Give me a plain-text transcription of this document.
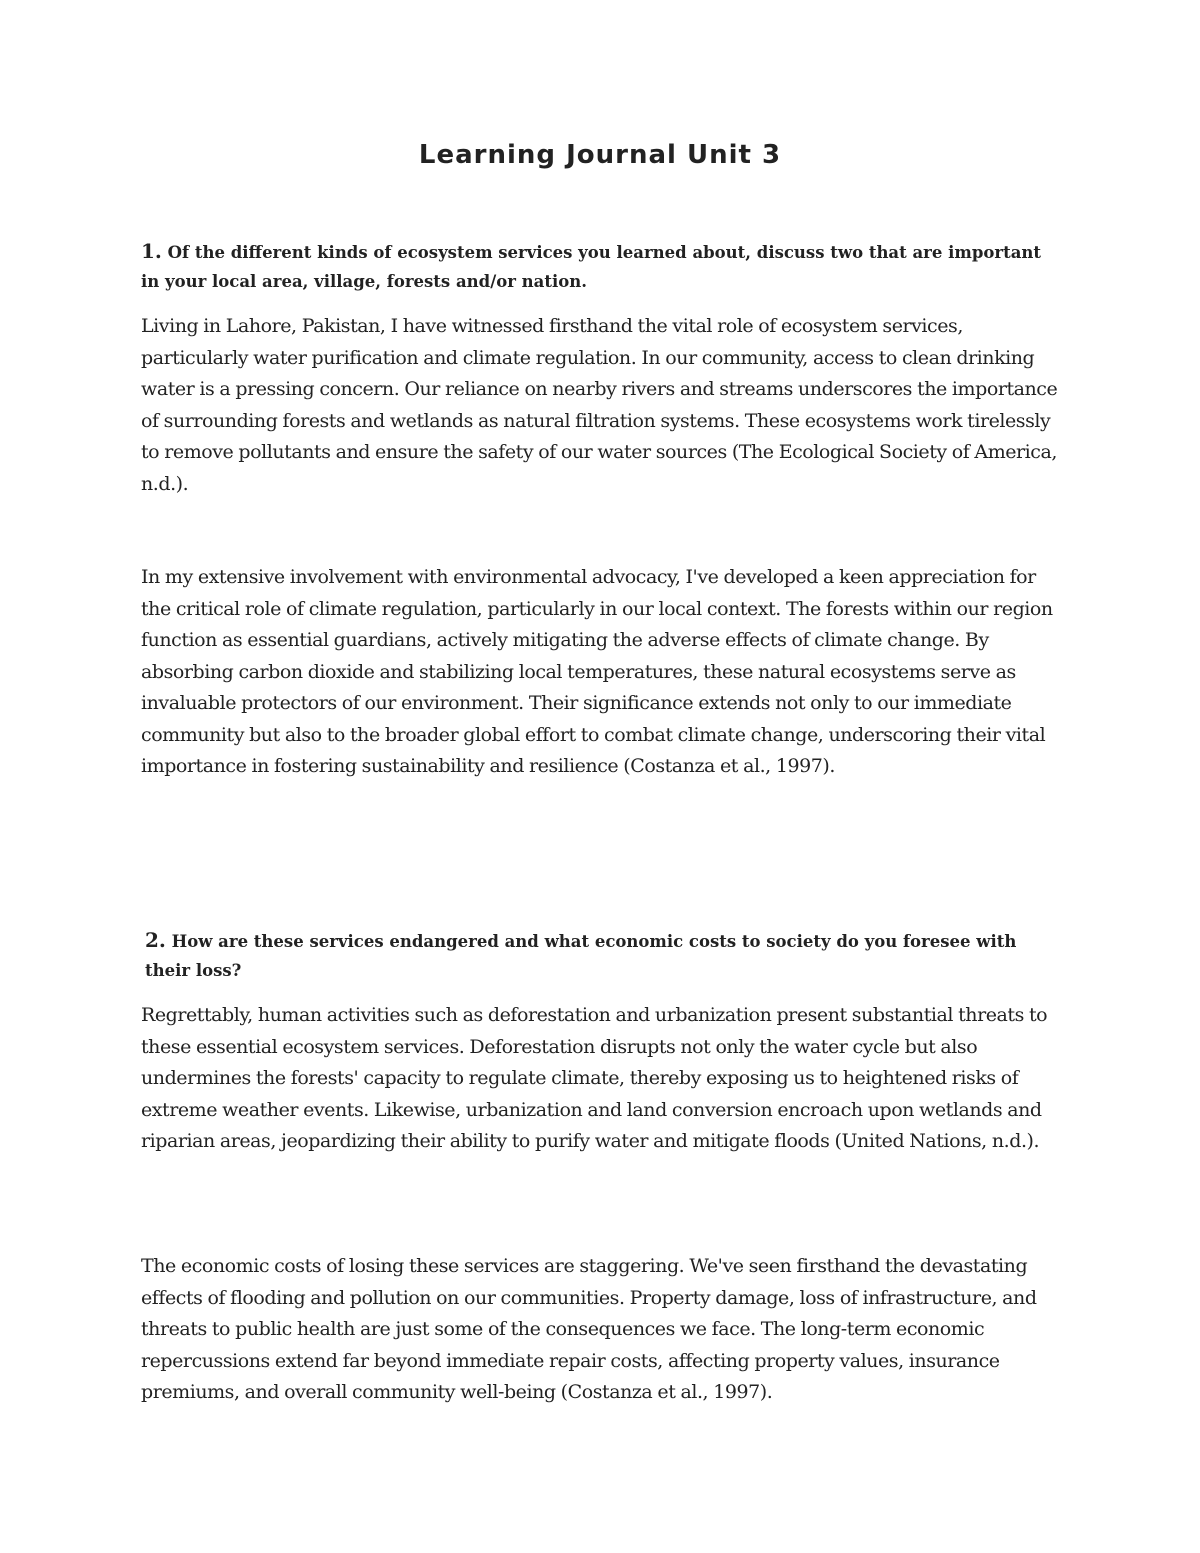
Learning Journal Unit 3

1. Of the different kinds of ecosystem services you learned about, discuss two that are important in your local area, village, forests and/or nation.

Living in Lahore, Pakistan, I have witnessed firsthand the vital role of ecosystem services, particularly water purification and climate regulation. In our community, access to clean drinking water is a pressing concern. Our reliance on nearby rivers and streams underscores the importance of surrounding forests and wetlands as natural filtration systems. These ecosystems work tirelessly to remove pollutants and ensure the safety of our water sources (The Ecological Society of America, n.d.).

In my extensive involvement with environmental advocacy, I've developed a keen appreciation for the critical role of climate regulation, particularly in our local context. The forests within our region function as essential guardians, actively mitigating the adverse effects of climate change. By absorbing carbon dioxide and stabilizing local temperatures, these natural ecosystems serve as invaluable protectors of our environment. Their significance extends not only to our immediate community but also to the broader global effort to combat climate change, underscoring their vital importance in fostering sustainability and resilience (Costanza et al., 1997).

2. How are these services endangered and what economic costs to society do you foresee with their loss?

Regrettably, human activities such as deforestation and urbanization present substantial threats to these essential ecosystem services. Deforestation disrupts not only the water cycle but also undermines the forests' capacity to regulate climate, thereby exposing us to heightened risks of extreme weather events. Likewise, urbanization and land conversion encroach upon wetlands and riparian areas, jeopardizing their ability to purify water and mitigate floods (United Nations, n.d.).

The economic costs of losing these services are staggering. We've seen firsthand the devastating effects of flooding and pollution on our communities. Property damage, loss of infrastructure, and threats to public health are just some of the consequences we face. The long-term economic repercussions extend far beyond immediate repair costs, affecting property values, insurance premiums, and overall community well-being (Costanza et al., 1997).
